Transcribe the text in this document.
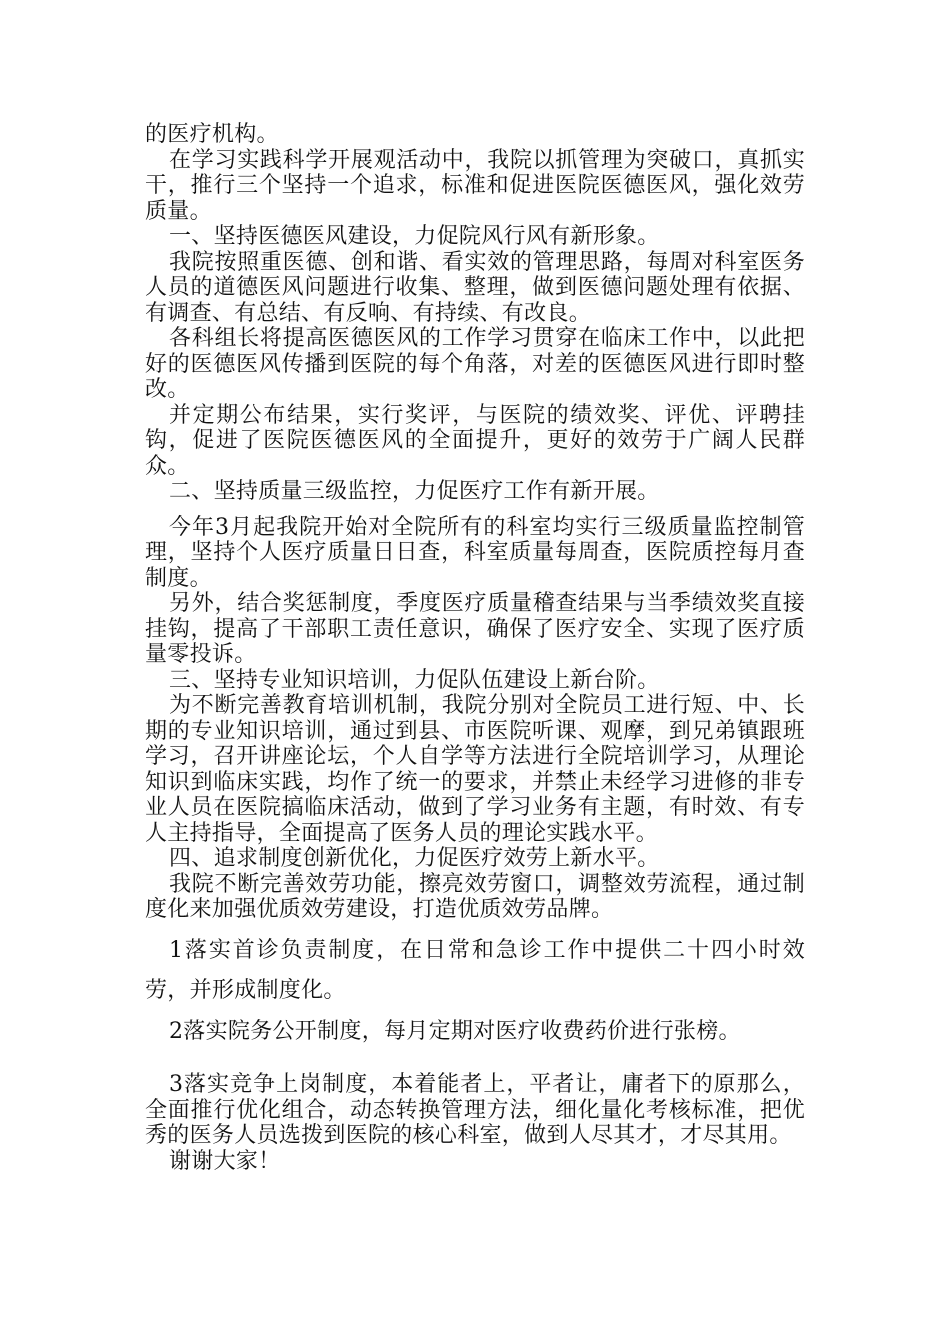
的医疗机构。

在学习实践科学开展观活动中，我院以抓管理为突破口，真抓实干，推行三个坚持一个追求，标准和促进医院医德医风，强化效劳质量。

一、坚持医德医风建设，力促院风行风有新形象。

我院按照重医德、创和谐、看实效的管理思路，每周对科室医务人员的道德医风问题进行收集、整理，做到医德问题处理有依据、有调查、有总结、有反响、有持续、有改良。

各科组长将提高医德医风的工作学习贯穿在临床工作中，以此把好的医德医风传播到医院的每个角落，对差的医德医风进行即时整改。

并定期公布结果，实行奖评，与医院的绩效奖、评优、评聘挂钩，促进了医院医德医风的全面提升，更好的效劳于广阔人民群众。

二、坚持质量三级监控，力促医疗工作有新开展。

今年3月起我院开始对全院所有的科室均实行三级质量监控制管理，坚持个人医疗质量日日查，科室质量每周查，医院质控每月查制度。

另外，结合奖惩制度，季度医疗质量稽查结果与当季绩效奖直接挂钩，提高了干部职工责任意识，确保了医疗安全、实现了医疗质量零投诉。

三、坚持专业知识培训，力促队伍建设上新台阶。

为不断完善教育培训机制，我院分别对全院员工进行短、中、长期的专业知识培训，通过到县、市医院听课、观摩，到兄弟镇跟班学习，召开讲座论坛，个人自学等方法进行全院培训学习，从理论知识到临床实践，均作了统一的要求，并禁止未经学习进修的非专业人员在医院搞临床活动，做到了学习业务有主题，有时效、有专人主持指导，全面提高了医务人员的理论实践水平。

四、追求制度创新优化，力促医疗效劳上新水平。

我院不断完善效劳功能，擦亮效劳窗口，调整效劳流程，通过制度化来加强优质效劳建设，打造优质效劳品牌。

1落实首诊负责制度，在日常和急诊工作中提供二十四小时效劳，并形成制度化。

2落实院务公开制度，每月定期对医疗收费药价进行张榜。

3落实竞争上岗制度，本着能者上，平者让，庸者下的原那么，全面推行优化组合，动态转换管理方法，细化量化考核标准，把优秀的医务人员选拨到医院的核心科室，做到人尽其才，才尽其用。

谢谢大家！
